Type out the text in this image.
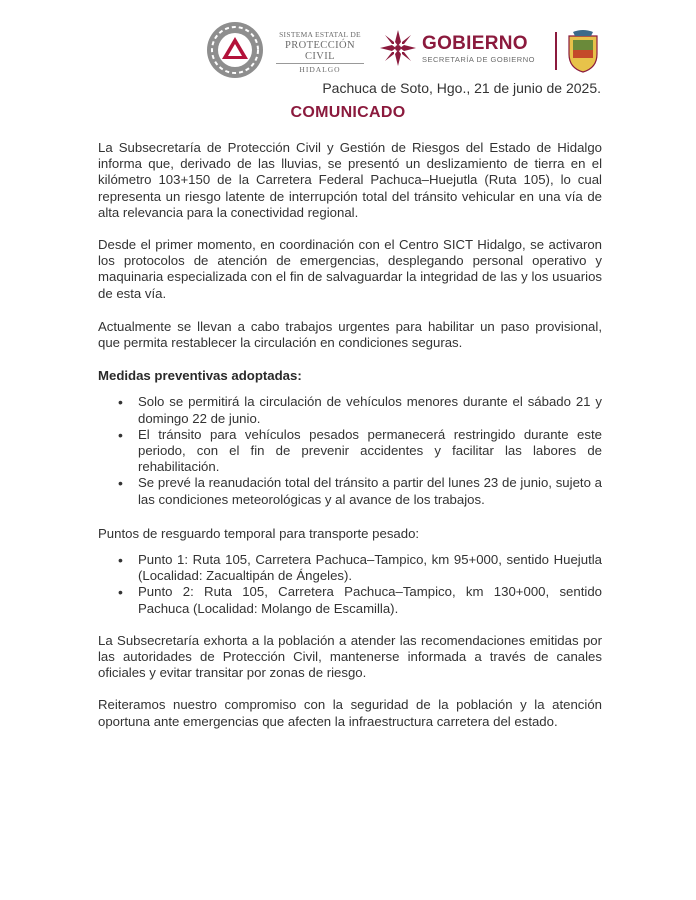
SISTEMA ESTATAL DE
PROTECCIÓN CIVIL
HIDALGO
GOBIERNO
SECRETARÍA DE GOBIERNO
Pachuca de Soto, Hgo., 21 de junio de 2025.
COMUNICADO

La Subsecretaría de Protección Civil y Gestión de Riesgos del Estado de Hidalgo informa que, derivado de las lluvias, se presentó un deslizamiento de tierra en el kilómetro 103+150 de la Carretera Federal Pachuca–Huejutla (Ruta 105), lo cual representa un riesgo latente de interrupción total del tránsito vehicular en una vía de alta relevancia para la conectividad regional.

Desde el primer momento, en coordinación con el Centro SICT Hidalgo, se activaron los protocolos de atención de emergencias, desplegando personal operativo y maquinaria especializada con el fin de salvaguardar la integridad de las y los usuarios de esta vía.

Actualmente se llevan a cabo trabajos urgentes para habilitar un paso provisional, que permita restablecer la circulación en condiciones seguras.

Medidas preventivas adoptadas:

• Solo se permitirá la circulación de vehículos menores durante el sábado 21 y domingo 22 de junio.
• El tránsito para vehículos pesados permanecerá restringido durante este periodo, con el fin de prevenir accidentes y facilitar las labores de rehabilitación.
• Se prevé la reanudación total del tránsito a partir del lunes 23 de junio, sujeto a las condiciones meteorológicas y al avance de los trabajos.

Puntos de resguardo temporal para transporte pesado:

• Punto 1: Ruta 105, Carretera Pachuca–Tampico, km 95+000, sentido Huejutla (Localidad: Zacualtipán de Ángeles).
• Punto 2: Ruta 105, Carretera Pachuca–Tampico, km 130+000, sentido Pachuca (Localidad: Molango de Escamilla).

La Subsecretaría exhorta a la población a atender las recomendaciones emitidas por las autoridades de Protección Civil, mantenerse informada a través de canales oficiales y evitar transitar por zonas de riesgo.

Reiteramos nuestro compromiso con la seguridad de la población y la atención oportuna ante emergencias que afecten la infraestructura carretera del estado.
